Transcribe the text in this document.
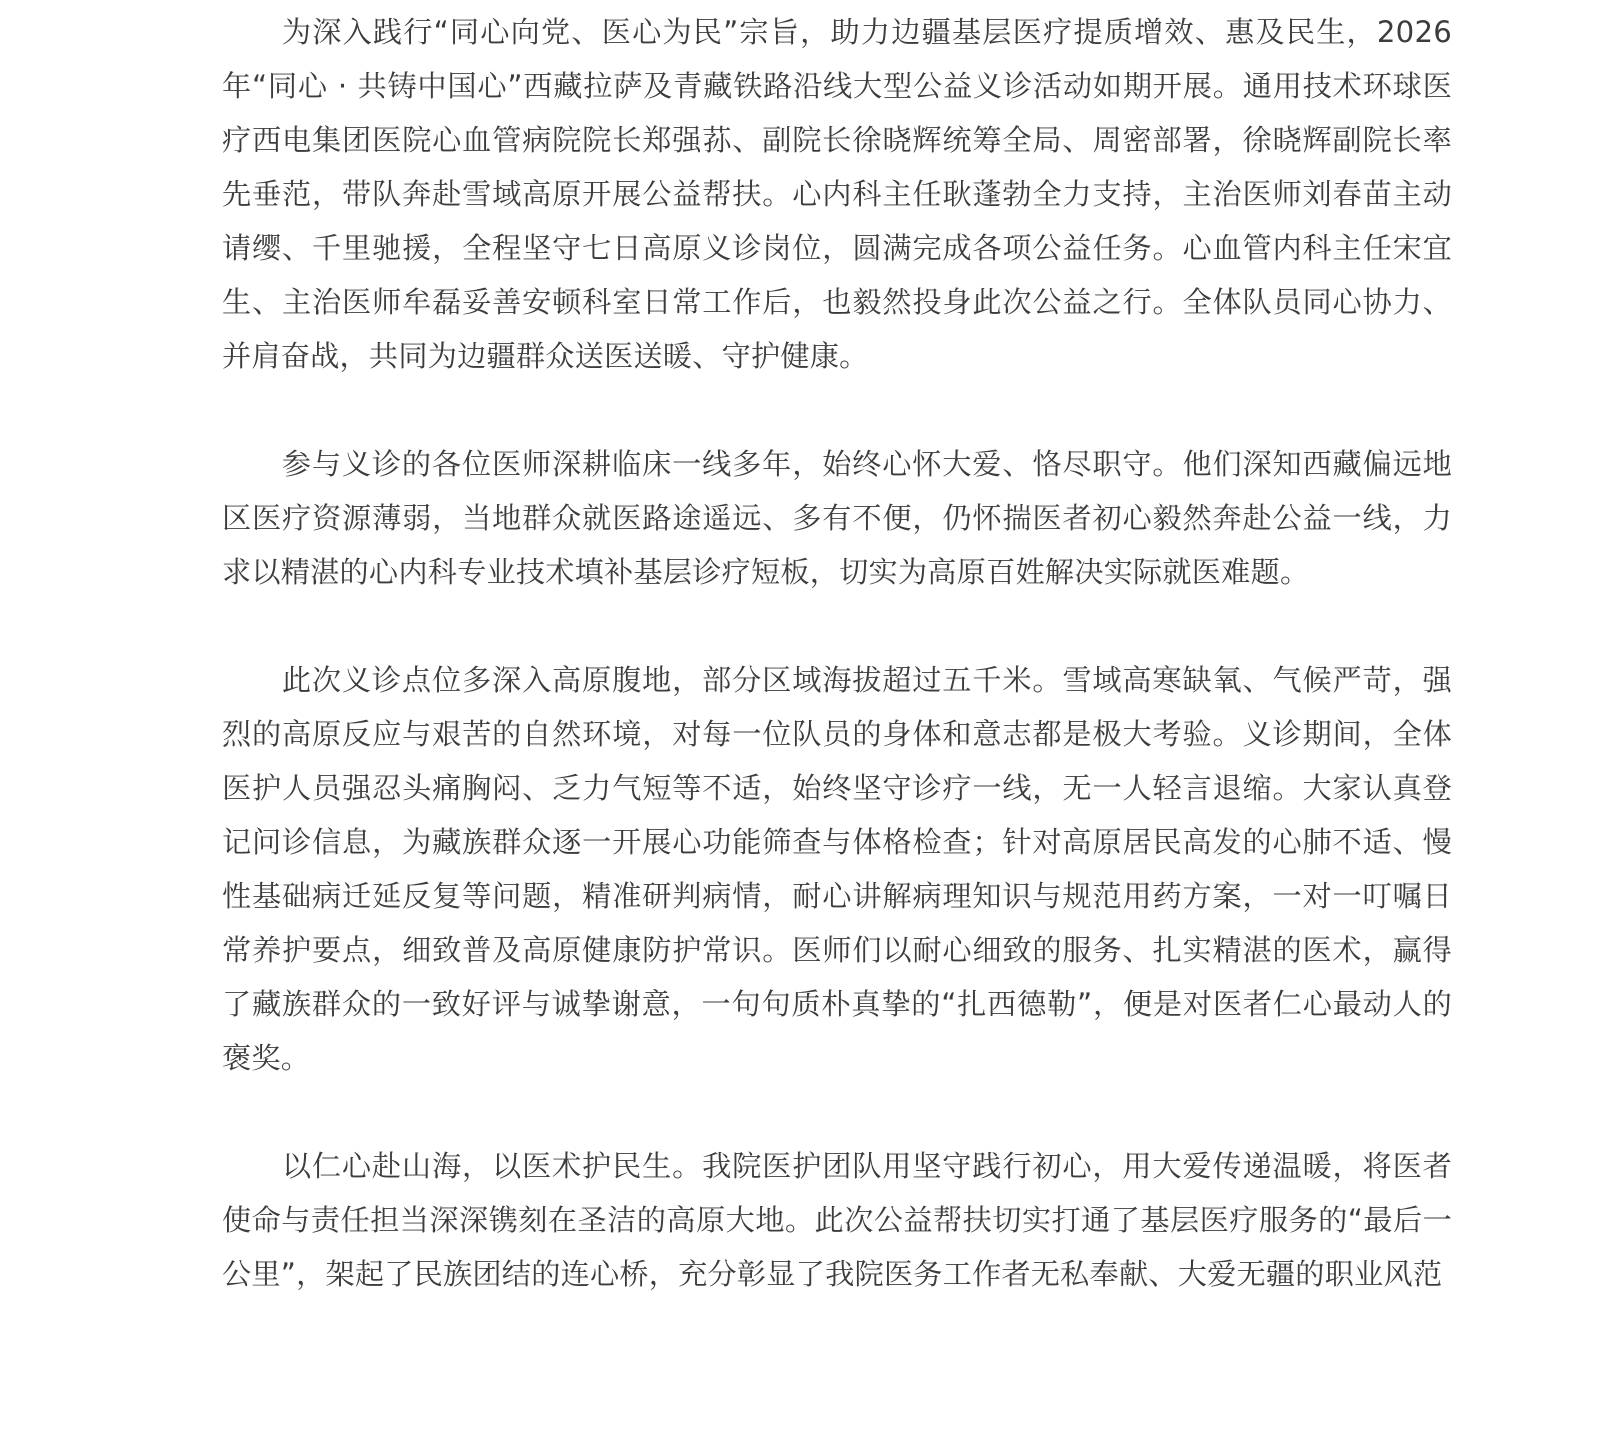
为深入践行“同心向党、医心为民”宗旨，助力边疆基层医疗提质增效、惠及民生，2026 年“同心 · 共铸中国心”西藏拉萨及青藏铁路沿线大型公益义诊活动如期开展。通用技术环球医疗西电集团医院心血管病院院长郑强荪、副院长徐晓辉统筹全局、周密部署，徐晓辉副院长率先垂范，带队奔赴雪域高原开展公益帮扶。心内科主任耿蓬勃全力支持，主治医师刘春苗主动请缨、千里驰援，全程坚守七日高原义诊岗位，圆满完成各项公益任务。心血管内科主任宋宜生、主治医师牟磊妥善安顿科室日常工作后，也毅然投身此次公益之行。全体队员同心协力、并肩奋战，共同为边疆群众送医送暖、守护健康。

参与义诊的各位医师深耕临床一线多年，始终心怀大爱、恪尽职守。他们深知西藏偏远地区医疗资源薄弱，当地群众就医路途遥远、多有不便，仍怀揣医者初心毅然奔赴公益一线，力求以精湛的心内科专业技术填补基层诊疗短板，切实为高原百姓解决实际就医难题。

此次义诊点位多深入高原腹地，部分区域海拔超过五千米。雪域高寒缺氧、气候严苛，强烈的高原反应与艰苦的自然环境，对每一位队员的身体和意志都是极大考验。义诊期间，全体医护人员强忍头痛胸闷、乏力气短等不适，始终坚守诊疗一线，无一人轻言退缩。大家认真登记问诊信息，为藏族群众逐一开展心功能筛查与体格检查；针对高原居民高发的心肺不适、慢性基础病迁延反复等问题，精准研判病情，耐心讲解病理知识与规范用药方案，一对一叮嘱日常养护要点，细致普及高原健康防护常识。医师们以耐心细致的服务、扎实精湛的医术，赢得了藏族群众的一致好评与诚挚谢意，一句句质朴真挚的“扎西德勒”，便是对医者仁心最动人的褒奖。

以仁心赴山海，以医术护民生。我院医护团队用坚守践行初心，用大爱传递温暖，将医者使命与责任担当深深镌刻在圣洁的高原大地。此次公益帮扶切实打通了基层医疗服务的“最后一公里”，架起了民族团结的连心桥，充分彰显了我院医务工作者无私奉献、大爱无疆的职业风范
